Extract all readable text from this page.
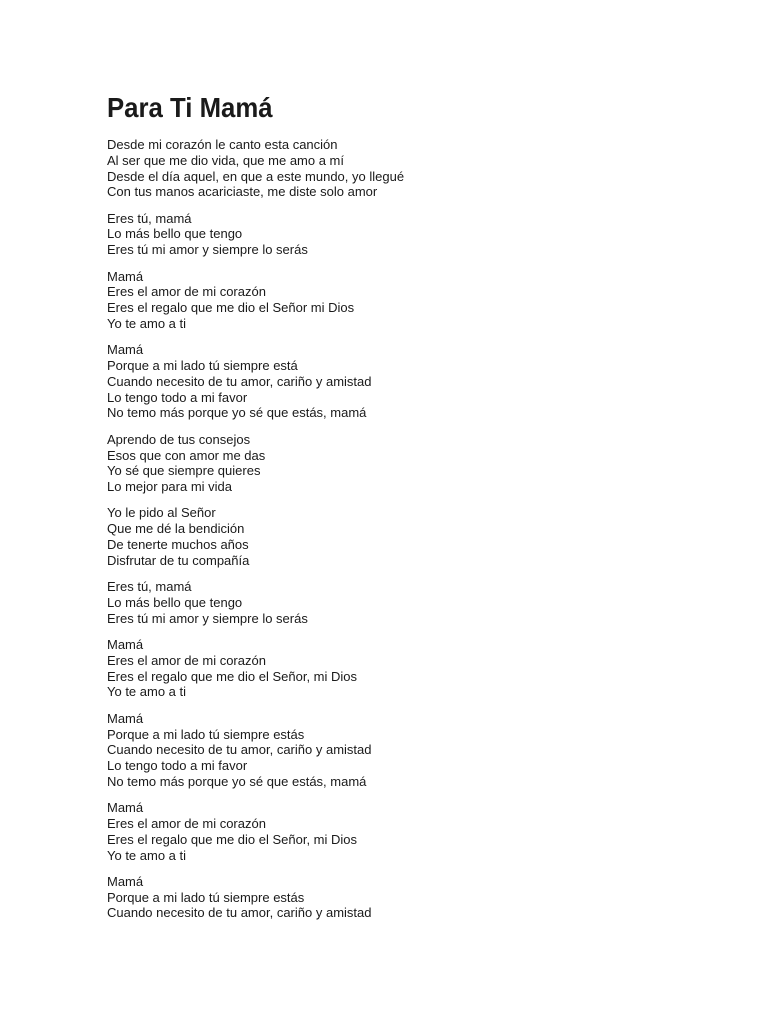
Para Ti Mamá
Desde mi corazón le canto esta canción
Al ser que me dio vida, que me amo a mí
Desde el día aquel, en que a este mundo, yo llegué
Con tus manos acariciaste, me diste solo amor
Eres tú, mamá
Lo más bello que tengo
Eres tú mi amor y siempre lo serás
Mamá
Eres el amor de mi corazón
Eres el regalo que me dio el Señor mi Dios
Yo te amo a ti
Mamá
Porque a mi lado tú siempre está
Cuando necesito de tu amor, cariño y amistad
Lo tengo todo a mi favor
No temo más porque yo sé que estás, mamá
Aprendo de tus consejos
Esos que con amor me das
Yo sé que siempre quieres
Lo mejor para mi vida
Yo le pido al Señor
Que me dé la bendición
De tenerte muchos años
Disfrutar de tu compañía
Eres tú, mamá
Lo más bello que tengo
Eres tú mi amor y siempre lo serás
Mamá
Eres el amor de mi corazón
Eres el regalo que me dio el Señor, mi Dios
Yo te amo a ti
Mamá
Porque a mi lado tú siempre estás
Cuando necesito de tu amor, cariño y amistad
Lo tengo todo a mi favor
No temo más porque yo sé que estás, mamá
Mamá
Eres el amor de mi corazón
Eres el regalo que me dio el Señor, mi Dios
Yo te amo a ti
Mamá
Porque a mi lado tú siempre estás
Cuando necesito de tu amor, cariño y amistad
